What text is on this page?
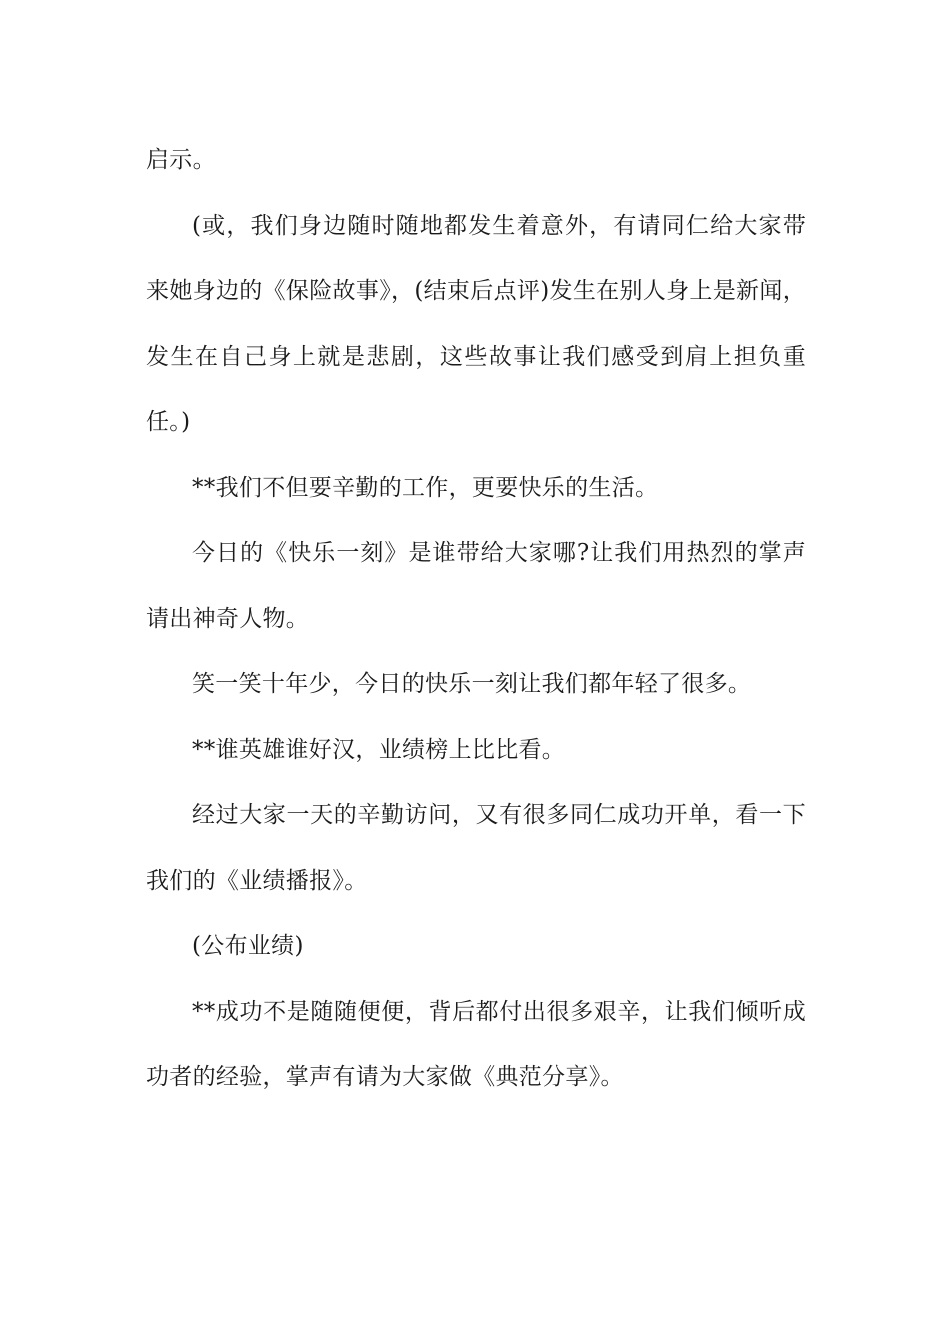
启示。

(或，我们身边随时随地都发生着意外，有请同仁给大家带来她身边的《保险故事》，(结束后点评)发生在别人身上是新闻，发生在自己身上就是悲剧，这些故事让我们感受到肩上担负重任。)

**我们不但要辛勤的工作，更要快乐的生活。

今日的《快乐一刻》是谁带给大家哪?让我们用热烈的掌声请出神奇人物。

笑一笑十年少，今日的快乐一刻让我们都年轻了很多。

**谁英雄谁好汉，业绩榜上比比看。

经过大家一天的辛勤访问，又有很多同仁成功开单，看一下我们的《业绩播报》。

(公布业绩)

**成功不是随随便便，背后都付出很多艰辛，让我们倾听成功者的经验，掌声有请为大家做《典范分享》。
